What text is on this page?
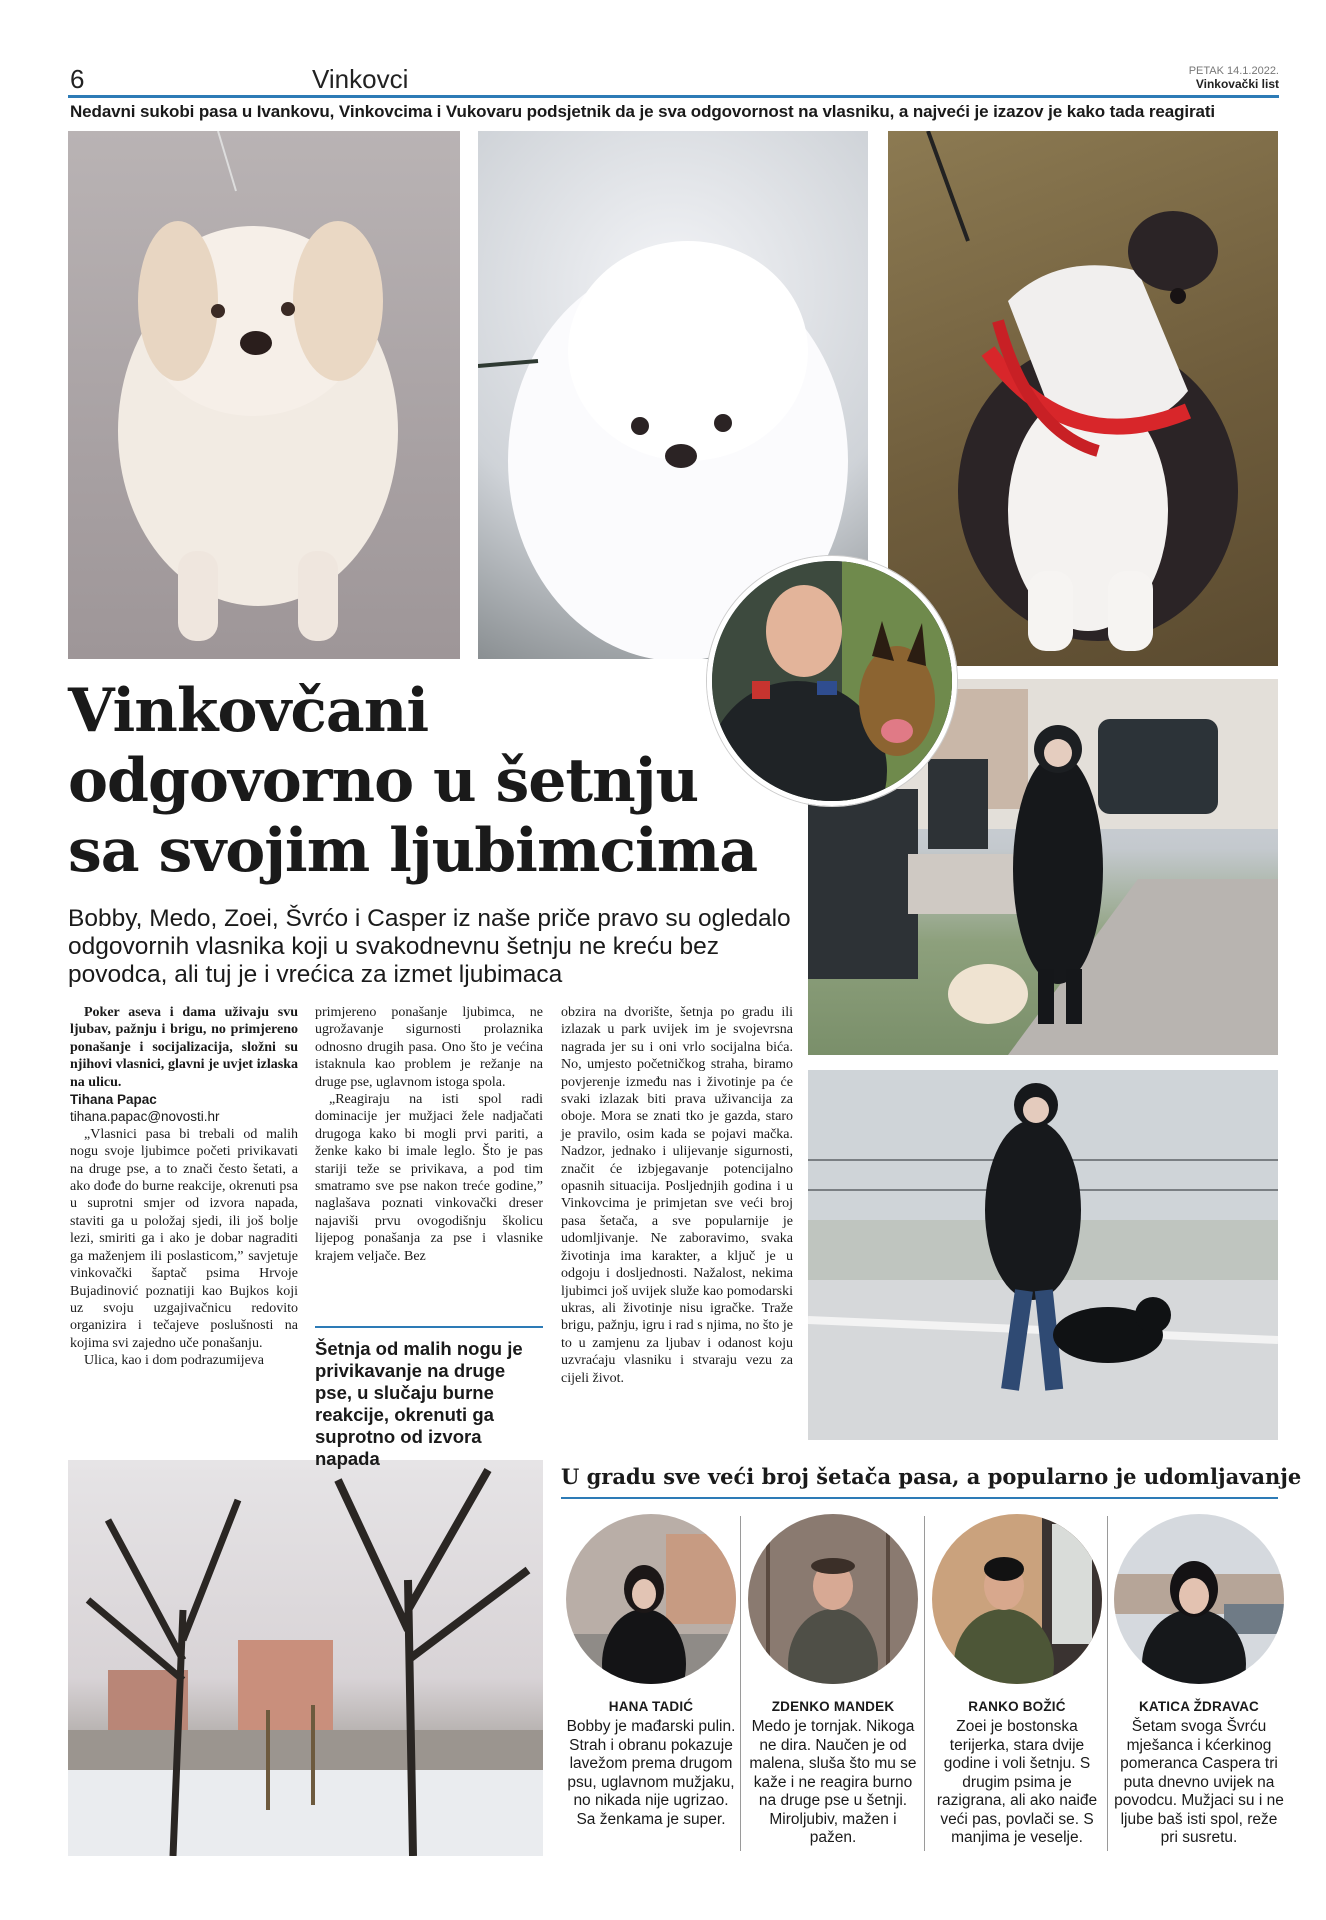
6	Vinkovci	PETAK 14.1.2022.
Vinkovački list
Nedavni sukobi pasa u Ivankovu, Vinkovcima i Vukovaru podsjetnik da je sva odgovornost na vlasniku, a najveći je izazov je kako tada reagirati
Vinkovčani
odgovorno u šetnju
sa svojim ljubimcima
Bobby, Medo, Zoei, Švrćo i Casper iz naše priče pravo su ogledalo odgovornih vlasnika koji u svakodnevnu šetnju ne kreću bez povodca, ali tuj je i vrećica za izmet ljubimaca

Poker aseva i dama uživaju svu ljubav, pažnju i brigu, no primjereno ponašanje i socijalizacija, složni su njihovi vlasnici, glavni je uvjet izlaska na ulicu.

Tihana Papac

tihana.papac@novosti.hr

„Vlasnici pasa bi trebali od malih nogu svoje ljubimce početi privikavati na druge pse, a to znači često šetati, a ako dođe do burne reakcije, okrenuti psa u suprotni smjer od izvora napada, staviti ga u položaj sjedi, ili još bolje lezi, smiriti ga i ako je dobar nagraditi ga maženjem ili poslasticom,” savjetuje vinkovački šaptač psima Hrvoje Bujadinović poznatiji kao Bujkos koji uz svoju uzgajivačnicu redovito organizira i tečajeve poslušnosti na kojima svi zajedno uče ponašanju.

Ulica, kao i dom podrazumijeva

primjereno ponašanje ljubimca, ne ugrožavanje sigurnosti prolaznika odnosno drugih pasa. Ono što je većina istaknula kao problem je režanje na druge pse, uglavnom istoga spola.

„Reagiraju na isti spol radi dominacije jer mužjaci žele nadjačati drugoga kako bi mogli prvi pariti, a ženke kako bi imale leglo. Što je pas stariji teže se privikava, a pod tim smatramo sve pse nakon treće godine,” naglašava poznati vinkovački dreser najaviši prvu ovogodišnju školicu lijepog ponašanja za pse i vlasnike krajem veljače. Bez

Šetnja od malih nogu je privikavanje na druge pse, u slučaju burne reakcije, okrenuti ga suprotno od izvora napada

obzira na dvorište, šetnja po gradu ili izlazak u park uvijek im je svojevrsna nagrada jer su i oni vrlo socijalna bića. No, umjesto početničkog straha, biramo povjerenje između nas i životinje pa će svaki izlazak biti prava uživancija za oboje. Mora se znati tko je gazda, staro je pravilo, osim kada se pojavi mačka. Nadzor, jednako i ulijevanje sigurnosti, značit će izbjegavanje potencijalno opasnih situacija. Posljednjih godina i u Vinkovcima je primjetan sve veći broj pasa šetača, a sve popularnije je udomljivanje. Ne zaboravimo, svaka životinja ima karakter, a ključ je u odgoju i dosljednosti. Nažalost, nekima ljubimci još uvijek služe kao pomodarski ukras, ali životinje nisu igračke. Traže brigu, pažnju, igru i rad s njima, no što je to u zamjenu za ljubav i odanost koju uzvraćaju vlasniku i stvaraju vezu za cijeli život.

U gradu sve veći broj šetača pasa, a popularno je udomljavanje
HANA TADIĆ
Bobby je mađarski pulin. Strah i obranu pokazuje lavežom prema drugom psu, uglavnom mužjaku, no nikada nije ugrizao. Sa ženkama je super.
ZDENKO MANDEK
Medo je tornjak. Nikoga ne dira. Naučen je od malena, sluša što mu se kaže i ne reagira burno na druge pse u šetnji. Miroljubiv, mažen i pažen.
RANKO BOŽIĆ
Zoei je bostonska terijerka, stara dvije godine i voli šetnju. S drugim psima je razigrana, ali ako naiđe veći pas, povlači se. S manjima je veselje.
KATICA ŽDRAVAC
Šetam svoga Švrću mješanca i kćerkinog pomeranca Caspera tri puta dnevno uvijek na povodcu. Mužjaci su i ne ljube baš isti spol, reže pri susretu.
